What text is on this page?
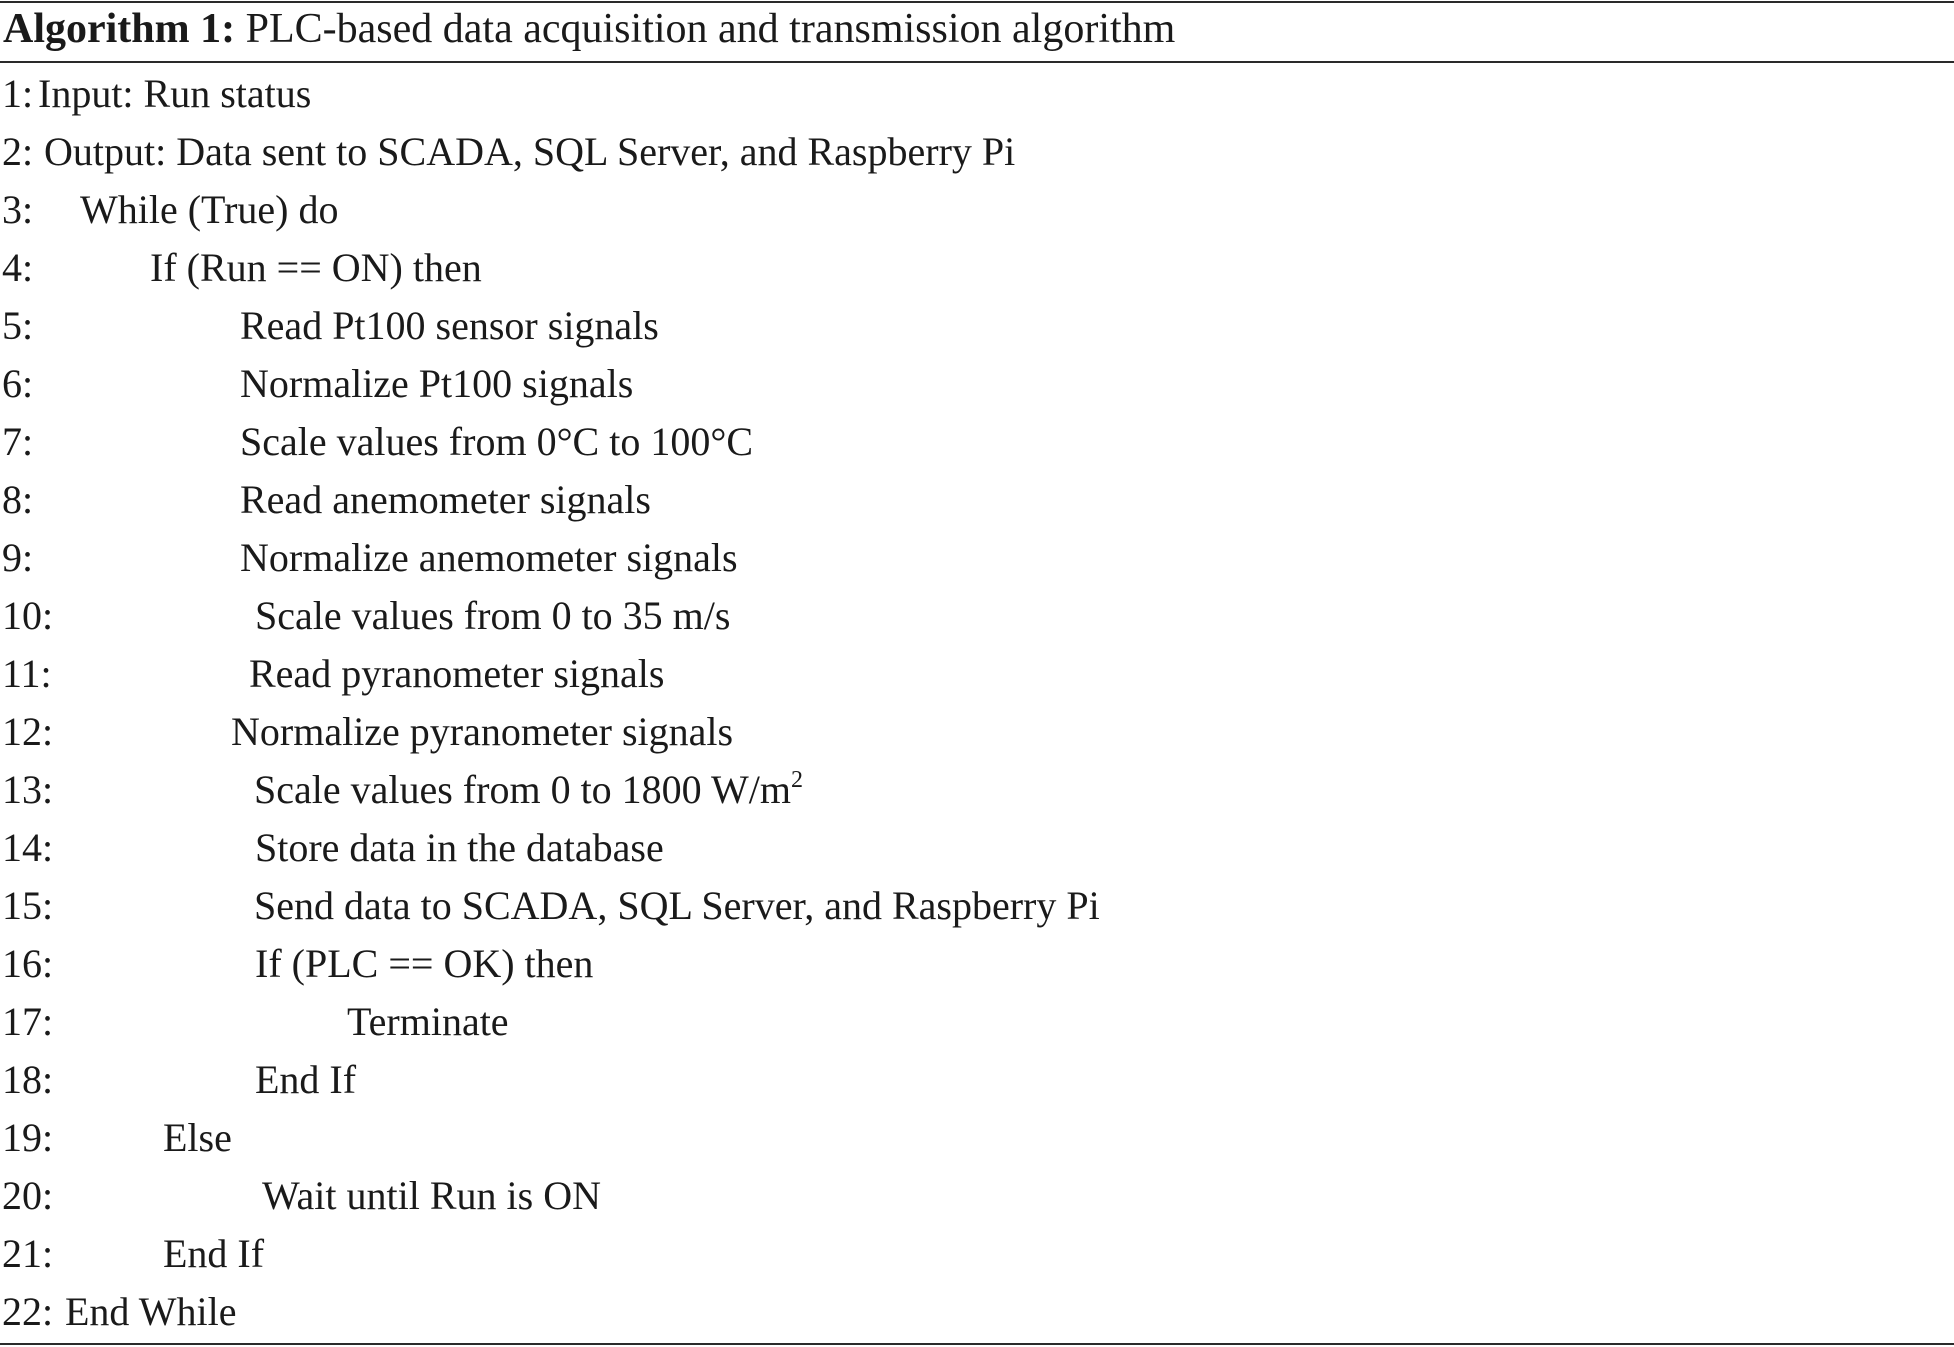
Algorithm 1: PLC-based data acquisition and transmission algorithm
1: Input: Run status
2: Output: Data sent to SCADA, SQL Server, and Raspberry Pi
3: While (True) do
4:	If (Run == ON) then
5:	Read Pt100 sensor signals
6:	Normalize Pt100 signals
7:	Scale values from 0°C to 100°C
8:	Read anemometer signals
9:	Normalize anemometer signals
10:	Scale values from 0 to 35 m/s
11:	Read pyranometer signals
12:	Normalize pyranometer signals
13:	Scale values from 0 to 1800 $W/m^2$
14:	Store data in the database
15:	Send data to SCADA, SQL Server, and Raspberry Pi
16:	If (PLC == OK) then
17:	Terminate
18:	End If
19:	Else
20:	Wait until Run is ON
21:	End If
22: End While
